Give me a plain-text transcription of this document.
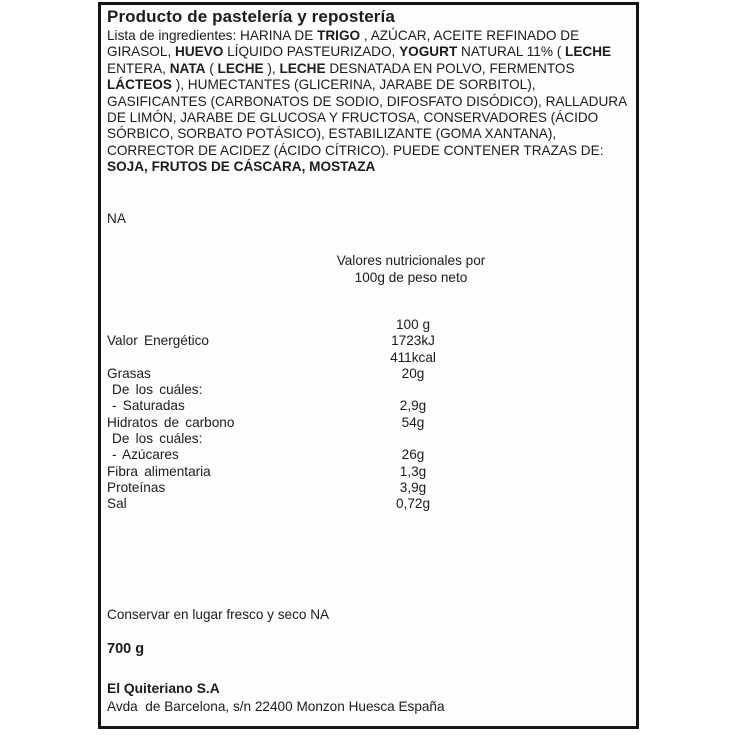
Producto de pastelería y repostería
Lista de ingredientes: HARINA DE TRIGO , AZÚCAR, ACEITE REFINADO DE GIRASOL, HUEVO LÍQUIDO PASTEURIZADO, YOGURT NATURAL 11% ( LECHE ENTERA, NATA ( LECHE ), LECHE DESNATADA EN POLVO, FERMENTOS LÁCTEOS ), HUMECTANTES (GLICERINA, JARABE DE SORBITOL), GASIFICANTES (CARBONATOS DE SODIO, DIFOSFATO DISÓDICO), RALLADURA DE LIMÓN, JARABE DE GLUCOSA Y FRUCTOSA, CONSERVADORES (ÁCIDO SÓRBICO, SORBATO POTÁSICO), ESTABILIZANTE (GOMA XANTANA), CORRECTOR DE ACIDEZ (ÁCIDO CÍTRICO). PUEDE CONTENER TRAZAS DE: SOJA, FRUTOS DE CÁSCARA, MOSTAZA
NA
Valores nutricionales por
100g de peso neto
100 g
Valor Energético	1723kJ
411kcal
Grasas	20g
De los cuáles:
- Saturadas	2,9g
Hidratos de carbono	54g
De los cuáles:
- Azúcares	26g
Fibra alimentaria	1,3g
Proteínas	3,9g
Sal	0,72g
Conservar en lugar fresco y seco NA
700 g
El Quiteriano S.A
Avda  de Barcelona, s/n 22400 Monzon Huesca España
